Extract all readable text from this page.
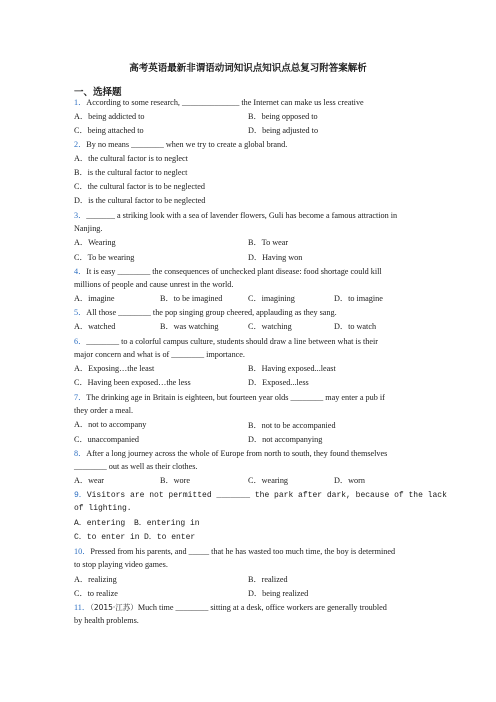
高考英语最新非谓语动词知识点知识点总复习附答案解析
一、选择题
1．According to some research, ______________ the Internet can make us less creative
A．being addicted to	B．being opposed to
C．being attached to	D．being adjusted to
2．By no means ________ when we try to create a global brand.
A．the cultural factor is to neglect
B．is the cultural factor to neglect
C．the cultural factor is to be neglected
D．is the cultural factor to be neglected
3．_______ a striking look with a sea of lavender flowers, Guli has become a famous attraction in
Nanjing.
A．Wearing	B．To wear
C．To be wearing	D．Having won
4．It is easy ________ the consequences of unchecked plant disease: food shortage could kill
millions of people and cause unrest in the world.
A．imagine	B．to be imagined	C．imagining	D．to imagine
5．All those ________ the pop singing group cheered, applauding as they sang.
A．watched	B．was watching	C．watching	D．to watch
6．________ to a colorful campus culture, students should draw a line between what is their
major concern and what is of ________ importance.
A．Exposing…the least	B．Having exposed...least
C．Having been exposed…the less	D．Exposed...less
7．The drinking age in Britain is eighteen, but fourteen year olds ________ may enter a pub if
they order a meal.
A．not to accompany	B．not to be accompanied
C．unaccompanied	D．not accompanying
8．After a long journey across the whole of Europe from north to south, they found themselves
________ out as well as their clothes.
A．wear	B．wore	C．wearing	D．worn
9．Visitors are not permitted _______ the park after dark, because of the lack
of lighting.
A．entering B．entering in
C．to enter in D．to enter
10．Pressed from his parents, and _____ that he has wasted too much time, the boy is determined
to stop playing video games.
A．realizing	B．realized
C．to realize	D．being realized
11．（2015·江苏）Much time ________ sitting at a desk, office workers are generally troubled
by health problems.
